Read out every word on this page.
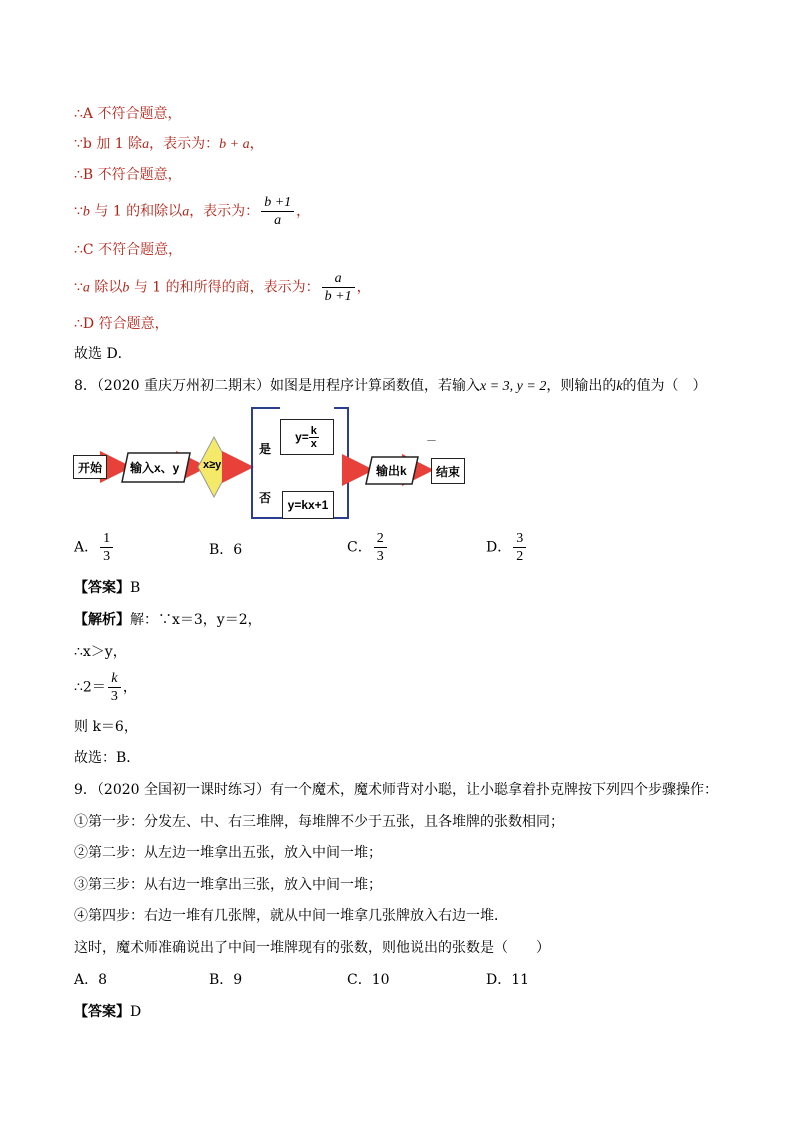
∴A 不符合题意，
∵b 加 1 除a，表示为：b + a，
∴B 不符合题意，
∵b 与 1 的和除以a，表示为： $\frac{b +1}{a}$ ，
∴C 不符合题意，
∵a 除以b 与 1 的和所得的商，表示为： $\frac{a}{b +1}$ ，
∴D 符合题意，
故选 D．
8．（2020 重庆万州初二期末）如图是用程序计算函数值，若输入x = 3, y = 2，则输出的k的值为（　）
开始 输入x、y x≥y
是
否
$y= \frac{k}{x}$
y=kx+1
输出k 结束
－
A． $\frac{1}{3}$	B．6	C． $\frac{2}{3}$	D． $\frac{3}{2}$
【答案】B
【解析】解：∵x＝3，y＝2，
∴x＞y，
∴2＝ $\frac{k}{3}$ ，
则 k＝6，
故选：B．
9．（2020 全国初一课时练习）有一个魔术，魔术师背对小聪，让小聪拿着扑克牌按下列四个步骤操作：
①第一步：分发左、中、右三堆牌，每堆牌不少于五张，且各堆牌的张数相同；
②第二步：从左边一堆拿出五张，放入中间一堆；
③第三步：从右边一堆拿出三张，放入中间一堆；
④第四步：右边一堆有几张牌，就从中间一堆拿几张牌放入右边一堆．
这时，魔术师准确说出了中间一堆牌现有的张数，则他说出的张数是（　　）
A．8	B．9	C．10	D．11
【答案】D
